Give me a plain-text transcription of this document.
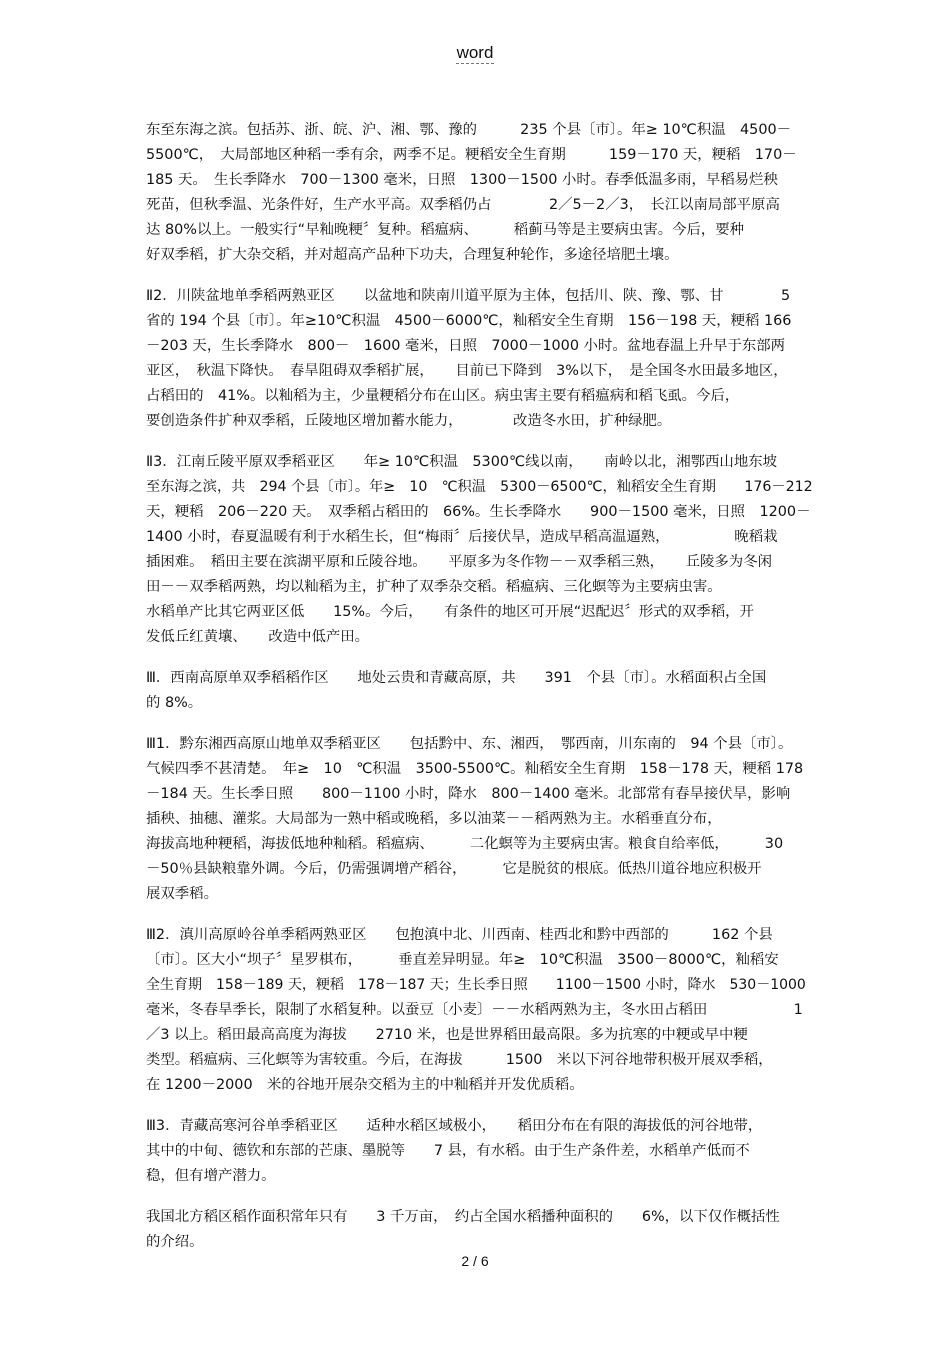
word
东至东海之滨。包括苏、浙、皖、沪、湘、鄂、豫的　　　235 个县〔市〕。年≥ 10℃积温　4500－
5500℃，　大局部地区种稻一季有余，两季不足。粳稻安全生育期　　　159－170 天，粳稻　170－
185 天。　生长季降水　700－1300 毫米，日照　1300－1500 小时。春季低温多雨，早稻易烂秧
死苗，但秋季温、光条件好，生产水平高。双季稻仍占　　　　2／5－2／3，　长江以南局部平原高
达 80%以上。一般实行“早籼晚粳〞复种。稻瘟病、　　　稻蓟马等是主要病虫害。今后，要种
好双季稻，扩大杂交稻，并对超高产品种下功夫，合理复种轮作，多途径培肥土壤。
Ⅱ2．川陕盆地单季稻两熟亚区　　以盆地和陕南川道平原为主体，包括川、陕、豫、鄂、甘　　　　5
省的 194 个县〔市〕。年≥10℃积温　4500－6000℃，籼稻安全生育期　156－198 天，粳稻 166
－203 天，生长季降水　800－　1600 毫米，日照　7000－1000 小时。盆地春温上升早于东部两
亚区，　秋温下降快。　春旱阻碍双季稻扩展，　　目前已下降到　3%以下，　是全国冬水田最多地区，
占稻田的　41%。以籼稻为主，少量粳稻分布在山区。病虫害主要有稻瘟病和稻飞虱。今后，
要创造条件扩种双季稻，丘陵地区增加蓄水能力，　　　　改造冬水田，扩种绿肥。
Ⅱ3．江南丘陵平原双季稻亚区　　年≥ 10℃积温　5300℃线以南，　　南岭以北，湘鄂西山地东坡
至东海之滨，共　294 个县〔市〕。年≥　10　℃积温　5300－6500℃，籼稻安全生育期　　176－212
天，粳稻　206－220 天。　双季稻占稻田的　66%。生长季降水　　900－1500 毫米，日照　1200－
1400 小时，春夏温暖有利于水稻生长，但“梅雨〞后接伏旱，造成早稻高温逼熟，　　　　　晚稻栽
插困难。　稻田主要在滨湖平原和丘陵谷地。　　平原多为冬作物－－双季稻三熟，　　丘陵多为冬闲
田－－双季稻两熟，均以籼稻为主，扩种了双季杂交稻。稻瘟病、三化螟等为主要病虫害。
水稻单产比其它两亚区低　　15%。今后，　　有条件的地区可开展“迟配迟〞形式的双季稻，开
发低丘红黄壤、　　改造中低产田。
Ⅲ．西南高原单双季稻稻作区　　地处云贵和青藏高原，共　　391　个县〔市〕。水稻面积占全国
的 8%。
Ⅲ1．黔东湘西高原山地单双季稻亚区　　包括黔中、东、湘西，　鄂西南，川东南的　94 个县〔市〕。
气候四季不甚清楚。　年≥　10　℃积温　3500-5500℃。籼稻安全生育期　158－178 天，粳稻 178
－184 天。生长季日照　　800－1100 小时，降水　800－1400 毫米。北部常有春旱接伏旱，影响
插秧、抽穗、灌浆。大局部为一熟中稻或晚稻，多以油菜－－稻两熟为主。水稻垂直分布，
海拔高地种粳稻，海拔低地种籼稻。稻瘟病、　　　二化螟等为主要病虫害。粮食自给率低，　　　30
－50％县缺粮靠外调。今后，仍需强调增产稻谷，　　　它是脱贫的根底。低热川道谷地应积极开
展双季稻。
Ⅲ2．滇川高原岭谷单季稻两熟亚区　　包抱滇中北、川西南、桂西北和黔中西部的　　　162 个县
〔市〕。区大小“坝子〞星罗棋布，　　　垂直差异明显。年≥　10℃积温　3500－8000℃，籼稻安
全生育期　158－189 天，粳稻　178－187 天；生长季日照　　1100－1500 小时，降水　530－1000
毫米，冬春旱季长，限制了水稻复种。以蚕豆〔小麦〕－－水稻两熟为主，冬水田占稻田　　　　　　1
／3 以上。稻田最高高度为海拔　　2710 米，也是世界稻田最高限。多为抗寒的中粳或早中粳
类型。稻瘟病、三化螟等为害较重。今后，在海拔　　　1500　米以下河谷地带积极开展双季稻，
在 1200－2000　米的谷地开展杂交稻为主的中籼稻并开发优质稻。
Ⅲ3．青藏高寒河谷单季稻亚区　　适种水稻区域极小，　　稻田分布在有限的海拔低的河谷地带，
其中的中甸、德钦和东部的芒康、墨脱等　　7 县，有水稻。由于生产条件差，水稻单产低而不
稳，但有增产潜力。
我国北方稻区稻作面积常年只有　　3 千万亩，　约占全国水稻播种面积的　　6%，以下仅作概括性
的介绍。
2 / 6
